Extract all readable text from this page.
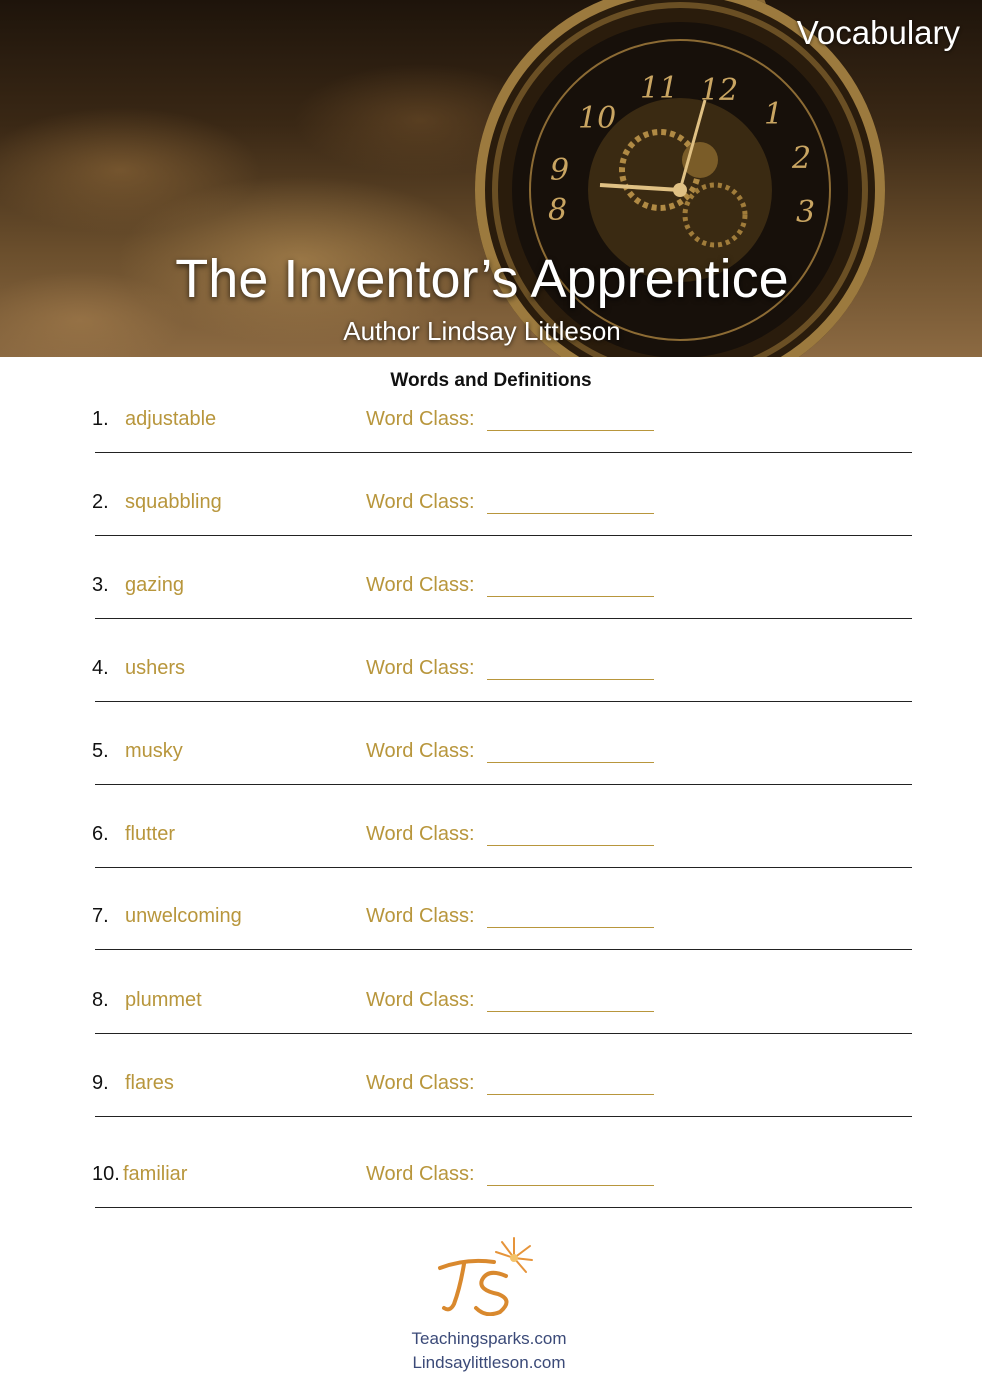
12
1
2
3
11
10
9
8
Vocabulary
The Inventor’s Apprentice
Author Lindsay Littleson
Words and Definitions
1. adjustable	Word Class:
2. squabbling	Word Class:
3. gazing	Word Class:
4. ushers	Word Class:
5. musky	Word Class:
6. flutter	Word Class:
7. unwelcoming	Word Class:
8. plummet	Word Class:
9. flares	Word Class:
10. familiar	Word Class:
Teachingsparks.com
Lindsaylittleson.com
